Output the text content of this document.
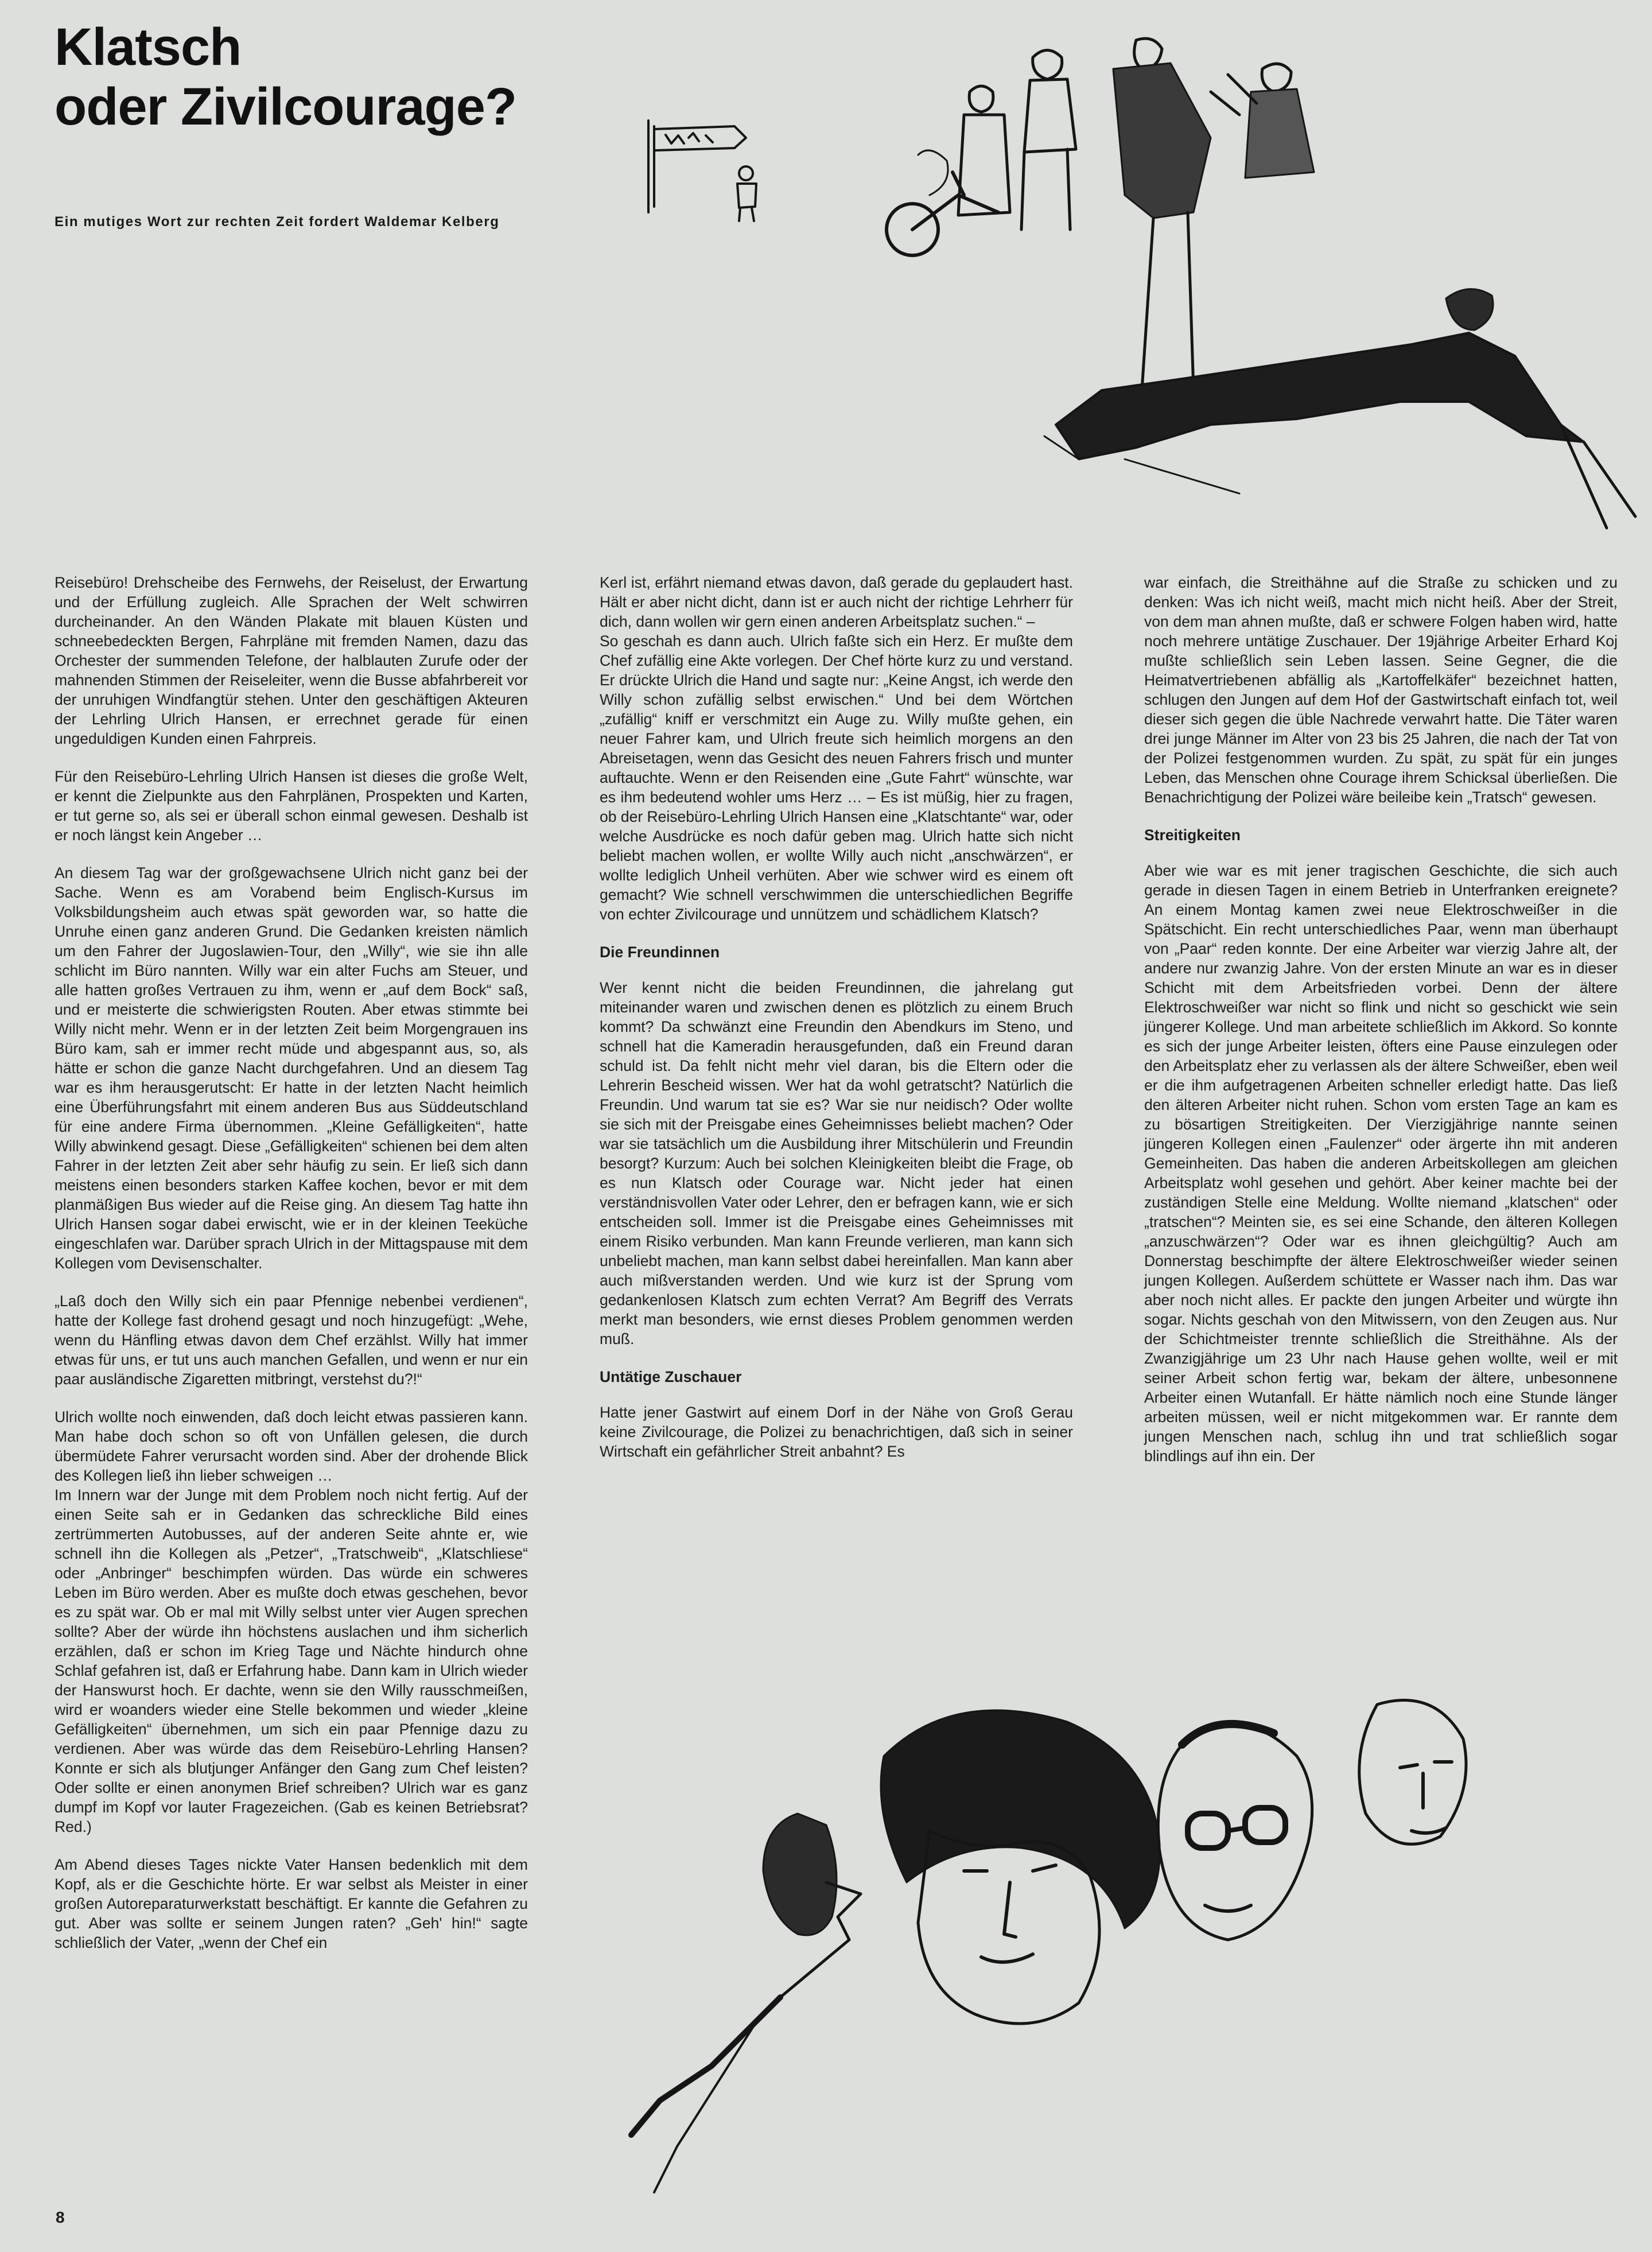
Klatsch
oder Zivilcourage?
Ein mutiges Wort zur rechten Zeit fordert Waldemar Kelberg

Reisebüro! Drehscheibe des Fernwehs, der Reiselust, der Erwartung und der Erfüllung zugleich. Alle Sprachen der Welt schwirren durcheinander. An den Wänden Plakate mit blauen Küsten und schneebedeckten Bergen, Fahrpläne mit fremden Namen, dazu das Orchester der summenden Telefone, der halblauten Zurufe oder der mahnenden Stimmen der Reiseleiter, wenn die Busse abfahrbereit vor der unruhigen Windfangtür stehen. Unter den geschäftigen Akteuren der Lehrling Ulrich Hansen, er errechnet gerade für einen ungeduldigen Kunden einen Fahrpreis.

Für den Reisebüro-Lehrling Ulrich Hansen ist dieses die große Welt, er kennt die Zielpunkte aus den Fahrplänen, Prospekten und Karten, er tut gerne so, als sei er überall schon einmal gewesen. Deshalb ist er noch längst kein Angeber …

An diesem Tag war der großgewachsene Ulrich nicht ganz bei der Sache. Wenn es am Vorabend beim Englisch-Kursus im Volksbildungsheim auch etwas spät geworden war, so hatte die Unruhe einen ganz anderen Grund. Die Gedanken kreisten nämlich um den Fahrer der Jugoslawien-Tour, den „Willy“, wie sie ihn alle schlicht im Büro nannten. Willy war ein alter Fuchs am Steuer, und alle hatten großes Vertrauen zu ihm, wenn er „auf dem Bock“ saß, und er meisterte die schwierigsten Routen. Aber etwas stimmte bei Willy nicht mehr. Wenn er in der letzten Zeit beim Morgengrauen ins Büro kam, sah er immer recht müde und abgespannt aus, so, als hätte er schon die ganze Nacht durchgefahren. Und an diesem Tag war es ihm herausgerutscht: Er hatte in der letzten Nacht heimlich eine Überführungsfahrt mit einem anderen Bus aus Süddeutschland für eine andere Firma übernommen. „Kleine Gefälligkeiten“, hatte Willy abwinkend gesagt. Diese „Gefälligkeiten“ schienen bei dem alten Fahrer in der letzten Zeit aber sehr häufig zu sein. Er ließ sich dann meistens einen besonders starken Kaffee kochen, bevor er mit dem planmäßigen Bus wieder auf die Reise ging. An diesem Tag hatte ihn Ulrich Hansen sogar dabei erwischt, wie er in der kleinen Teeküche eingeschlafen war. Darüber sprach Ulrich in der Mittagspause mit dem Kollegen vom Devisenschalter.

„Laß doch den Willy sich ein paar Pfennige nebenbei verdienen“, hatte der Kollege fast drohend gesagt und noch hinzugefügt: „Wehe, wenn du Hänfling etwas davon dem Chef erzählst. Willy hat immer etwas für uns, er tut uns auch manchen Gefallen, und wenn er nur ein paar ausländische Zigaretten mitbringt, verstehst du?!“

Ulrich wollte noch einwenden, daß doch leicht etwas passieren kann. Man habe doch schon so oft von Unfällen gelesen, die durch übermüdete Fahrer verursacht worden sind. Aber der drohende Blick des Kollegen ließ ihn lieber schweigen …

Im Innern war der Junge mit dem Problem noch nicht fertig. Auf der einen Seite sah er in Gedanken das schreckliche Bild eines zertrümmerten Autobusses, auf der anderen Seite ahnte er, wie schnell ihn die Kollegen als „Petzer“, „Tratschweib“, „Klatschliese“ oder „Anbringer“ beschimpfen würden. Das würde ein schweres Leben im Büro werden. Aber es mußte doch etwas geschehen, bevor es zu spät war. Ob er mal mit Willy selbst unter vier Augen sprechen sollte? Aber der würde ihn höchstens auslachen und ihm sicherlich erzählen, daß er schon im Krieg Tage und Nächte hindurch ohne Schlaf gefahren ist, daß er Erfahrung habe. Dann kam in Ulrich wieder der Hanswurst hoch. Er dachte, wenn sie den Willy rausschmeißen, wird er woanders wieder eine Stelle bekommen und wieder „kleine Gefälligkeiten“ übernehmen, um sich ein paar Pfennige dazu zu verdienen. Aber was würde das dem Reisebüro-Lehrling Hansen? Konnte er sich als blutjunger Anfänger den Gang zum Chef leisten? Oder sollte er einen anonymen Brief schreiben? Ulrich war es ganz dumpf im Kopf vor lauter Fragezeichen. (Gab es keinen Betriebsrat? Red.)

Am Abend dieses Tages nickte Vater Hansen bedenklich mit dem Kopf, als er die Geschichte hörte. Er war selbst als Meister in einer großen Autoreparaturwerkstatt beschäftigt. Er kannte die Gefahren zu gut. Aber was sollte er seinem Jungen raten? „Geh' hin!“ sagte schließlich der Vater, „wenn der Chef ein

Kerl ist, erfährt niemand etwas davon, daß gerade du geplaudert hast. Hält er aber nicht dicht, dann ist er auch nicht der richtige Lehrherr für dich, dann wollen wir gern einen anderen Arbeitsplatz suchen.“ –

So geschah es dann auch. Ulrich faßte sich ein Herz. Er mußte dem Chef zufällig eine Akte vorlegen. Der Chef hörte kurz zu und verstand. Er drückte Ulrich die Hand und sagte nur: „Keine Angst, ich werde den Willy schon zufällig selbst erwischen.“ Und bei dem Wörtchen „zufällig“ kniff er verschmitzt ein Auge zu. Willy mußte gehen, ein neuer Fahrer kam, und Ulrich freute sich heimlich morgens an den Abreisetagen, wenn das Gesicht des neuen Fahrers frisch und munter auftauchte. Wenn er den Reisenden eine „Gute Fahrt“ wünschte, war es ihm bedeutend wohler ums Herz … – Es ist müßig, hier zu fragen, ob der Reisebüro-Lehrling Ulrich Hansen eine „Klatschtante“ war, oder welche Ausdrücke es noch dafür geben mag. Ulrich hatte sich nicht beliebt machen wollen, er wollte Willy auch nicht „anschwärzen“, er wollte lediglich Unheil verhüten. Aber wie schwer wird es einem oft gemacht? Wie schnell verschwimmen die unterschiedlichen Begriffe von echter Zivilcourage und unnützem und schädlichem Klatsch?

Die Freundinnen

Wer kennt nicht die beiden Freundinnen, die jahrelang gut miteinander waren und zwischen denen es plötzlich zu einem Bruch kommt? Da schwänzt eine Freundin den Abendkurs im Steno, und schnell hat die Kameradin herausgefunden, daß ein Freund daran schuld ist. Da fehlt nicht mehr viel daran, bis die Eltern oder die Lehrerin Bescheid wissen. Wer hat da wohl getratscht? Natürlich die Freundin. Und warum tat sie es? War sie nur neidisch? Oder wollte sie sich mit der Preisgabe eines Geheimnisses beliebt machen? Oder war sie tatsächlich um die Ausbildung ihrer Mitschülerin und Freundin besorgt? Kurzum: Auch bei solchen Kleinigkeiten bleibt die Frage, ob es nun Klatsch oder Courage war. Nicht jeder hat einen verständnisvollen Vater oder Lehrer, den er befragen kann, wie er sich entscheiden soll. Immer ist die Preisgabe eines Geheimnisses mit einem Risiko verbunden. Man kann Freunde verlieren, man kann sich unbeliebt machen, man kann selbst dabei hereinfallen. Man kann aber auch mißverstanden werden. Und wie kurz ist der Sprung vom gedankenlosen Klatsch zum echten Verrat? Am Begriff des Verrats merkt man besonders, wie ernst dieses Problem genommen werden muß.

Untätige Zuschauer

Hatte jener Gastwirt auf einem Dorf in der Nähe von Groß Gerau keine Zivilcourage, die Polizei zu benachrichtigen, daß sich in seiner Wirtschaft ein gefährlicher Streit anbahnt? Es

war einfach, die Streithähne auf die Straße zu schicken und zu denken: Was ich nicht weiß, macht mich nicht heiß. Aber der Streit, von dem man ahnen mußte, daß er schwere Folgen haben wird, hatte noch mehrere untätige Zuschauer. Der 19jährige Arbeiter Erhard Koj mußte schließlich sein Leben lassen. Seine Gegner, die die Heimatvertriebenen abfällig als „Kartoffelkäfer“ bezeichnet hatten, schlugen den Jungen auf dem Hof der Gastwirtschaft einfach tot, weil dieser sich gegen die üble Nachrede verwahrt hatte. Die Täter waren drei junge Männer im Alter von 23 bis 25 Jahren, die nach der Tat von der Polizei festgenommen wurden. Zu spät, zu spät für ein junges Leben, das Menschen ohne Courage ihrem Schicksal überließen. Die Benachrichtigung der Polizei wäre beileibe kein „Tratsch“ gewesen.

Streitigkeiten

Aber wie war es mit jener tragischen Geschichte, die sich auch gerade in diesen Tagen in einem Betrieb in Unterfranken ereignete? An einem Montag kamen zwei neue Elektroschweißer in die Spätschicht. Ein recht unterschiedliches Paar, wenn man überhaupt von „Paar“ reden konnte. Der eine Arbeiter war vierzig Jahre alt, der andere nur zwanzig Jahre. Von der ersten Minute an war es in dieser Schicht mit dem Arbeitsfrieden vorbei. Denn der ältere Elektroschweißer war nicht so flink und nicht so geschickt wie sein jüngerer Kollege. Und man arbeitete schließlich im Akkord. So konnte es sich der junge Arbeiter leisten, öfters eine Pause einzulegen oder den Arbeitsplatz eher zu verlassen als der ältere Schweißer, eben weil er die ihm aufgetragenen Arbeiten schneller erledigt hatte. Das ließ den älteren Arbeiter nicht ruhen. Schon vom ersten Tage an kam es zu bösartigen Streitigkeiten. Der Vierzigjährige nannte seinen jüngeren Kollegen einen „Faulenzer“ oder ärgerte ihn mit anderen Gemeinheiten. Das haben die anderen Arbeitskollegen am gleichen Arbeitsplatz wohl gesehen und gehört. Aber keiner machte bei der zuständigen Stelle eine Meldung. Wollte niemand „klatschen“ oder „tratschen“? Meinten sie, es sei eine Schande, den älteren Kollegen „anzuschwärzen“? Oder war es ihnen gleichgültig? Auch am Donnerstag beschimpfte der ältere Elektroschweißer wieder seinen jungen Kollegen. Außerdem schüttete er Wasser nach ihm. Das war aber noch nicht alles. Er packte den jungen Arbeiter und würgte ihn sogar. Nichts geschah von den Mitwissern, von den Zeugen aus. Nur der Schichtmeister trennte schließlich die Streithähne. Als der Zwanzigjährige um 23 Uhr nach Hause gehen wollte, weil er mit seiner Arbeit schon fertig war, bekam der ältere, unbesonnene Arbeiter einen Wutanfall. Er hätte nämlich noch eine Stunde länger arbeiten müssen, weil er nicht mitgekommen war. Er rannte dem jungen Menschen nach, schlug ihn und trat schließlich sogar blindlings auf ihn ein. Der

8
